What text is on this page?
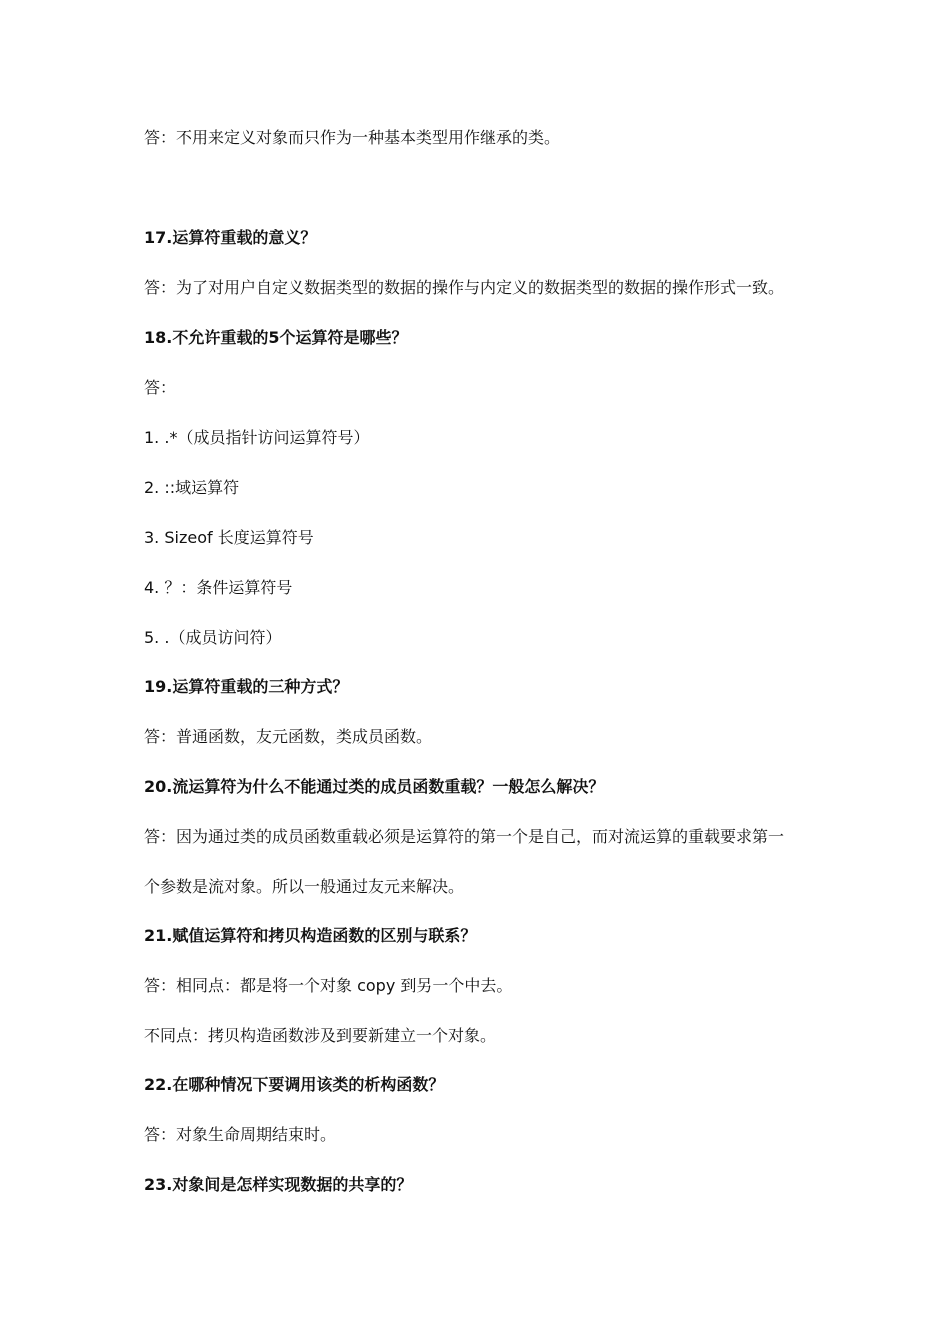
答：不用来定义对象而只作为一种基本类型用作继承的类。
17.运算符重载的意义？
答：为了对用户自定义数据类型的数据的操作与内定义的数据类型的数据的操作形式一致。
18.不允许重载的5个运算符是哪些？
答：
1. .*（成员指针访问运算符号）
2. ::域运算符
3. Sizeof 长度运算符号
4. ？：条件运算符号
5. .（成员访问符）
19.运算符重载的三种方式？
答：普通函数，友元函数，类成员函数。
20.流运算符为什么不能通过类的成员函数重载？一般怎么解决？
答：因为通过类的成员函数重载必须是运算符的第一个是自己，而对流运算的重载要求第一
个参数是流对象。所以一般通过友元来解决。
21.赋值运算符和拷贝构造函数的区别与联系？
答：相同点：都是将一个对象 copy 到另一个中去。
不同点：拷贝构造函数涉及到要新建立一个对象。
22.在哪种情况下要调用该类的析构函数？
答：对象生命周期结束时。
23.对象间是怎样实现数据的共享的？
